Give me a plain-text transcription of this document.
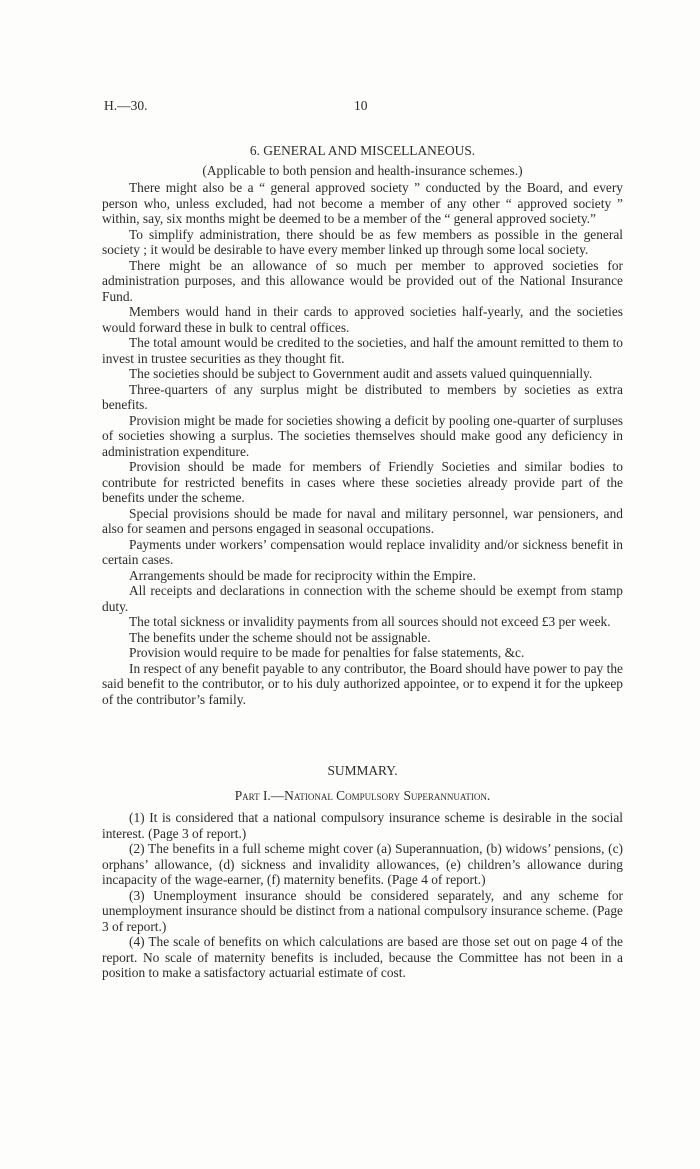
H.—30.	10
6. GENERAL AND MISCELLANEOUS.
(Applicable to both pension and health-insurance schemes.)

There might also be a “ general approved society ” conducted by the Board, and every person who, unless excluded, had not become a member of any other “ approved society ” within, say, six months might be deemed to be a member of the “ general approved society.”

To simplify administration, there should be as few members as possible in the general society ; it would be desirable to have every member linked up through some local society.

There might be an allowance of so much per member to approved societies for administration purposes, and this allowance would be provided out of the National Insurance Fund.

Members would hand in their cards to approved societies half-yearly, and the societies would forward these in bulk to central offices.

The total amount would be credited to the societies, and half the amount remitted to them to invest in trustee securities as they thought fit.

The societies should be subject to Government audit and assets valued quinquennially.

Three-quarters of any surplus might be distributed to members by societies as extra benefits.

Provision might be made for societies showing a deficit by pooling one-quarter of surpluses of societies showing a surplus. The societies themselves should make good any deficiency in administration expenditure.

Provision should be made for members of Friendly Societies and similar bodies to contribute for restricted benefits in cases where these societies already provide part of the benefits under the scheme.

Special provisions should be made for naval and military personnel, war pensioners, and also for seamen and persons engaged in seasonal occupations.

Payments under workers’ compensation would replace invalidity and/or sickness benefit in certain cases.

Arrangements should be made for reciprocity within the Empire.

All receipts and declarations in connection with the scheme should be exempt from stamp duty.

The total sickness or invalidity payments from all sources should not exceed £3 per week.

The benefits under the scheme should not be assignable.

Provision would require to be made for penalties for false statements, &c.

In respect of any benefit payable to any contributor, the Board should have power to pay the said benefit to the contributor, or to his duly authorized appointee, or to expend it for the upkeep of the contributor’s family.

SUMMARY.
Part I.—National Compulsory Superannuation.

(1) It is considered that a national compulsory insurance scheme is desirable in the social interest. (Page 3 of report.)

(2) The benefits in a full scheme might cover (a) Superannuation, (b) widows’ pensions, (c) orphans’ allowance, (d) sickness and invalidity allowances, (e) children’s allowance during incapacity of the wage-earner, (f) maternity benefits. (Page 4 of report.)

(3) Unemployment insurance should be considered separately, and any scheme for unemployment insurance should be distinct from a national compulsory insurance scheme. (Page 3 of report.)

(4) The scale of benefits on which calculations are based are those set out on page 4 of the report. No scale of maternity benefits is included, because the Committee has not been in a position to make a satisfactory actuarial estimate of cost.
